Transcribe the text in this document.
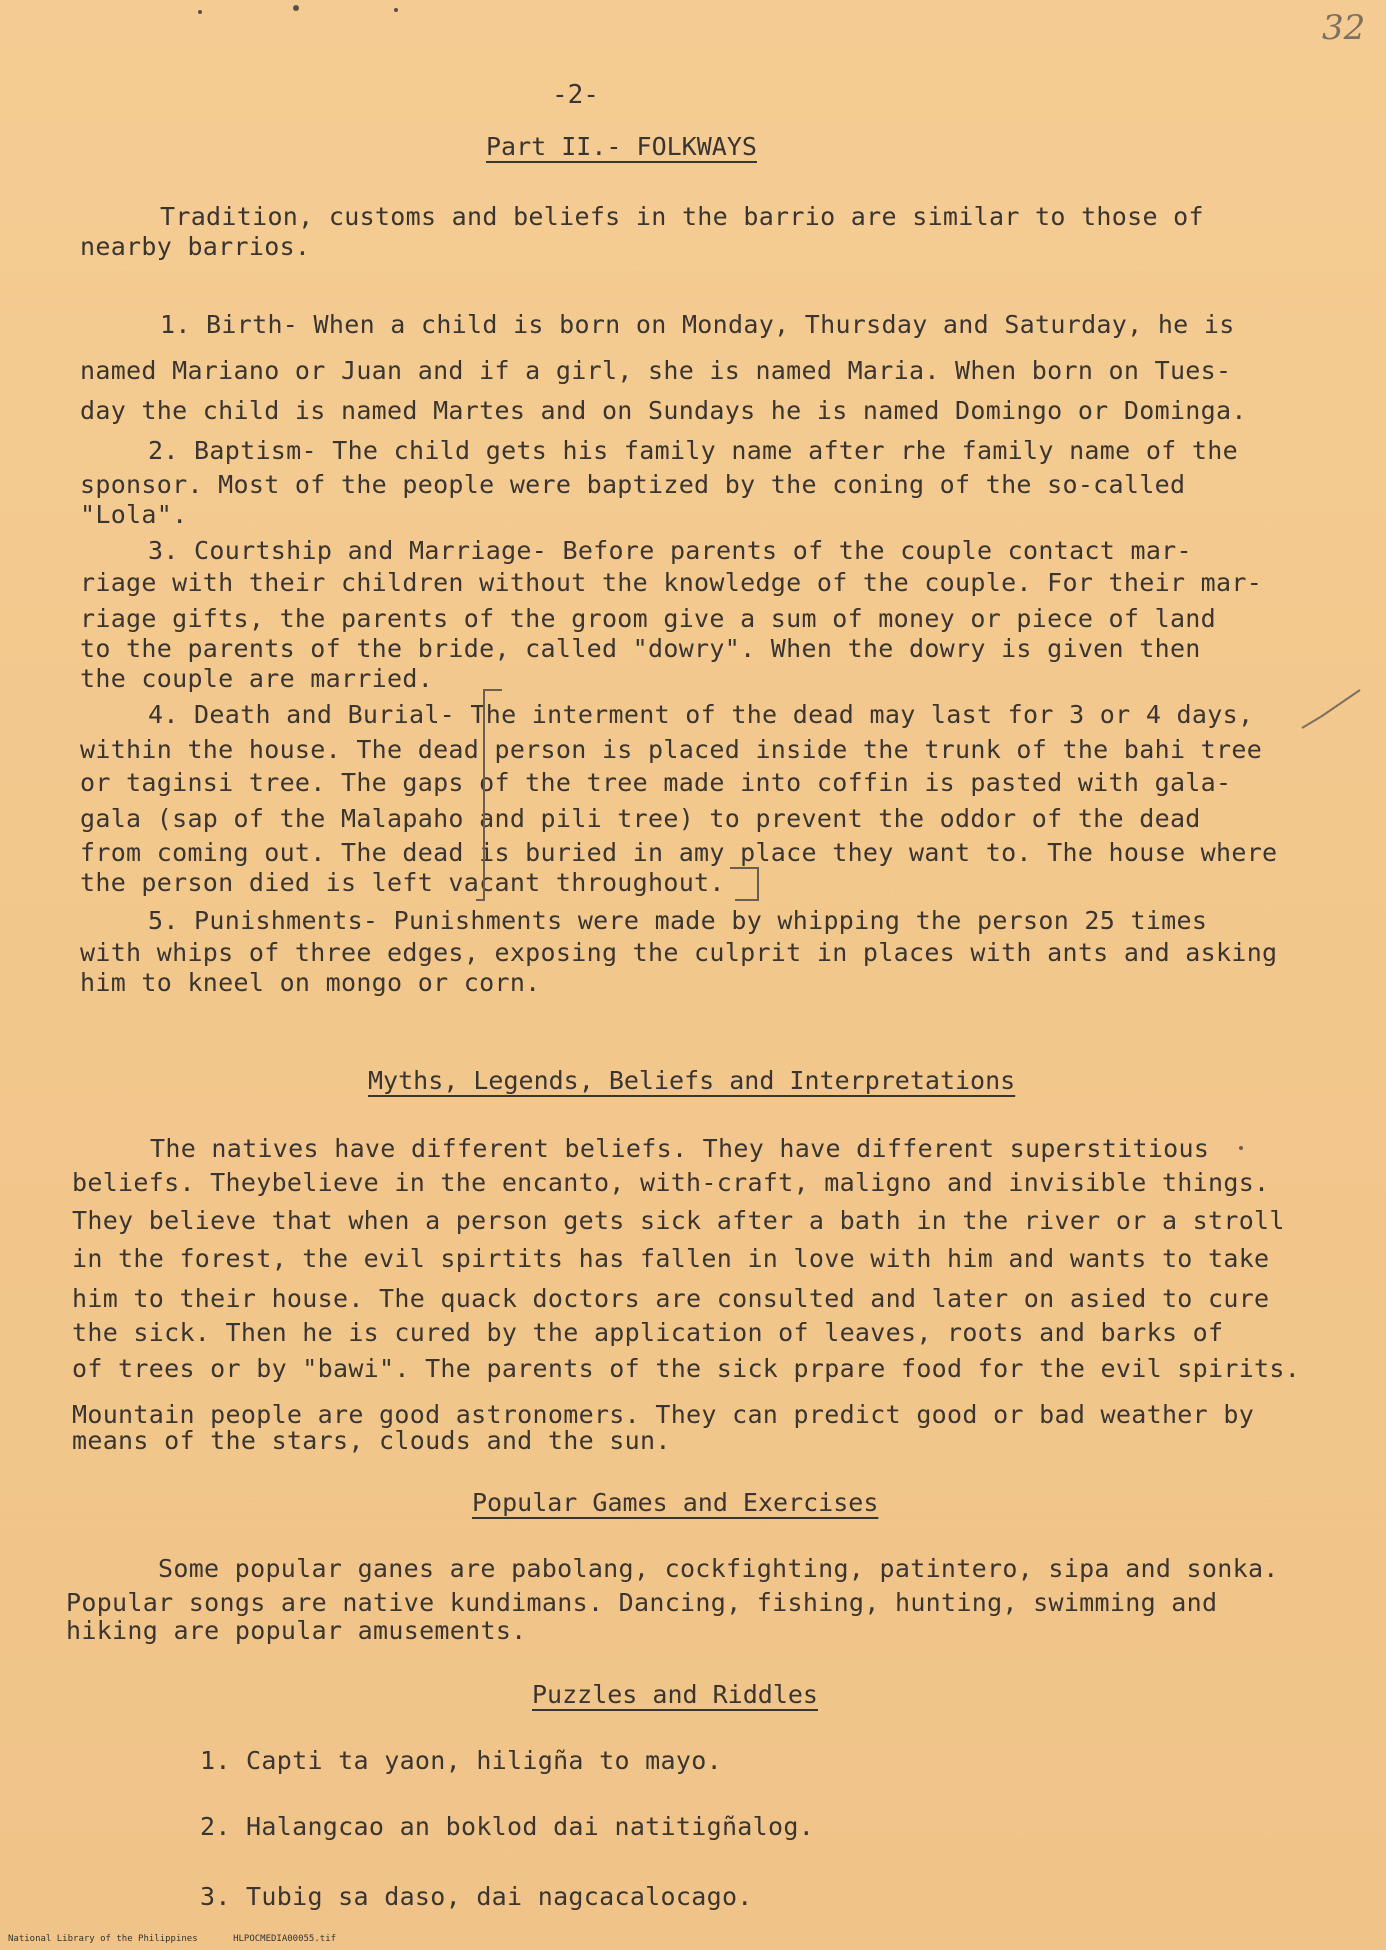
32
-2-
Part II.- FOLKWAYS
Tradition, customs and beliefs in the barrio are similar to those of
nearby barrios.
1. Birth- When a child is born on Monday, Thursday and Saturday, he is
named Mariano or Juan and if a girl, she is named Maria. When born on Tues-
day the child is named Martes and on Sundays he is named Domingo or Dominga.
2. Baptism- The child gets his family name after rhe family name of the
sponsor. Most of the people were baptized by the coning of the so-called
"Lola".
3. Courtship and Marriage- Before parents of the couple contact mar-
riage with their children without the knowledge of the couple. For their mar-
riage gifts, the parents of the groom give a sum of money or piece of land
to the parents of the bride, called "dowry". When the dowry is given then
the couple are married.
4. Death and Burial- The interment of the dead may last for 3 or 4 days,
within the house. The dead person is placed inside the trunk of the bahi tree
or taginsi tree. The gaps of the tree made into coffin is pasted with gala-
gala (sap of the Malapaho and pili tree) to prevent the oddor of the dead
from coming out. The dead is buried in amy place they want to. The house where
the person died is left vacant throughout.
5. Punishments- Punishments were made by whipping the person 25 times
with whips of three edges, exposing the culprit in places with ants and asking
him to kneel on mongo or corn.
Myths, Legends, Beliefs and Interpretations
The natives have different beliefs. They have different superstitious
beliefs. Theybelieve in the encanto, with-craft, maligno and invisible things.
They believe that when a person gets sick after a bath in the river or a stroll
in the forest, the evil spirtits has fallen in love with him and wants to take
him to their house. The quack doctors are consulted and later on asied to cure
the sick. Then he is cured by the application of leaves, roots and barks of
of trees or by "bawi". The parents of the sick prpare food for the evil spirits.
Mountain people are good astronomers. They can predict good or bad weather by
means of the stars, clouds and the sun.
Popular Games and Exercises
Some popular ganes are pabolang, cockfighting, patintero, sipa and sonka.
Popular songs are native kundimans. Dancing, fishing, hunting, swimming and
hiking are popular amusements.
Puzzles and Riddles
1. Capti ta yaon, hiligña to mayo.
2. Halangcao an boklod dai natitigñalog.
3. Tubig sa daso, dai nagcacalocago.
National Library of the Philippines	HLPOCMEDIA00055.tif
